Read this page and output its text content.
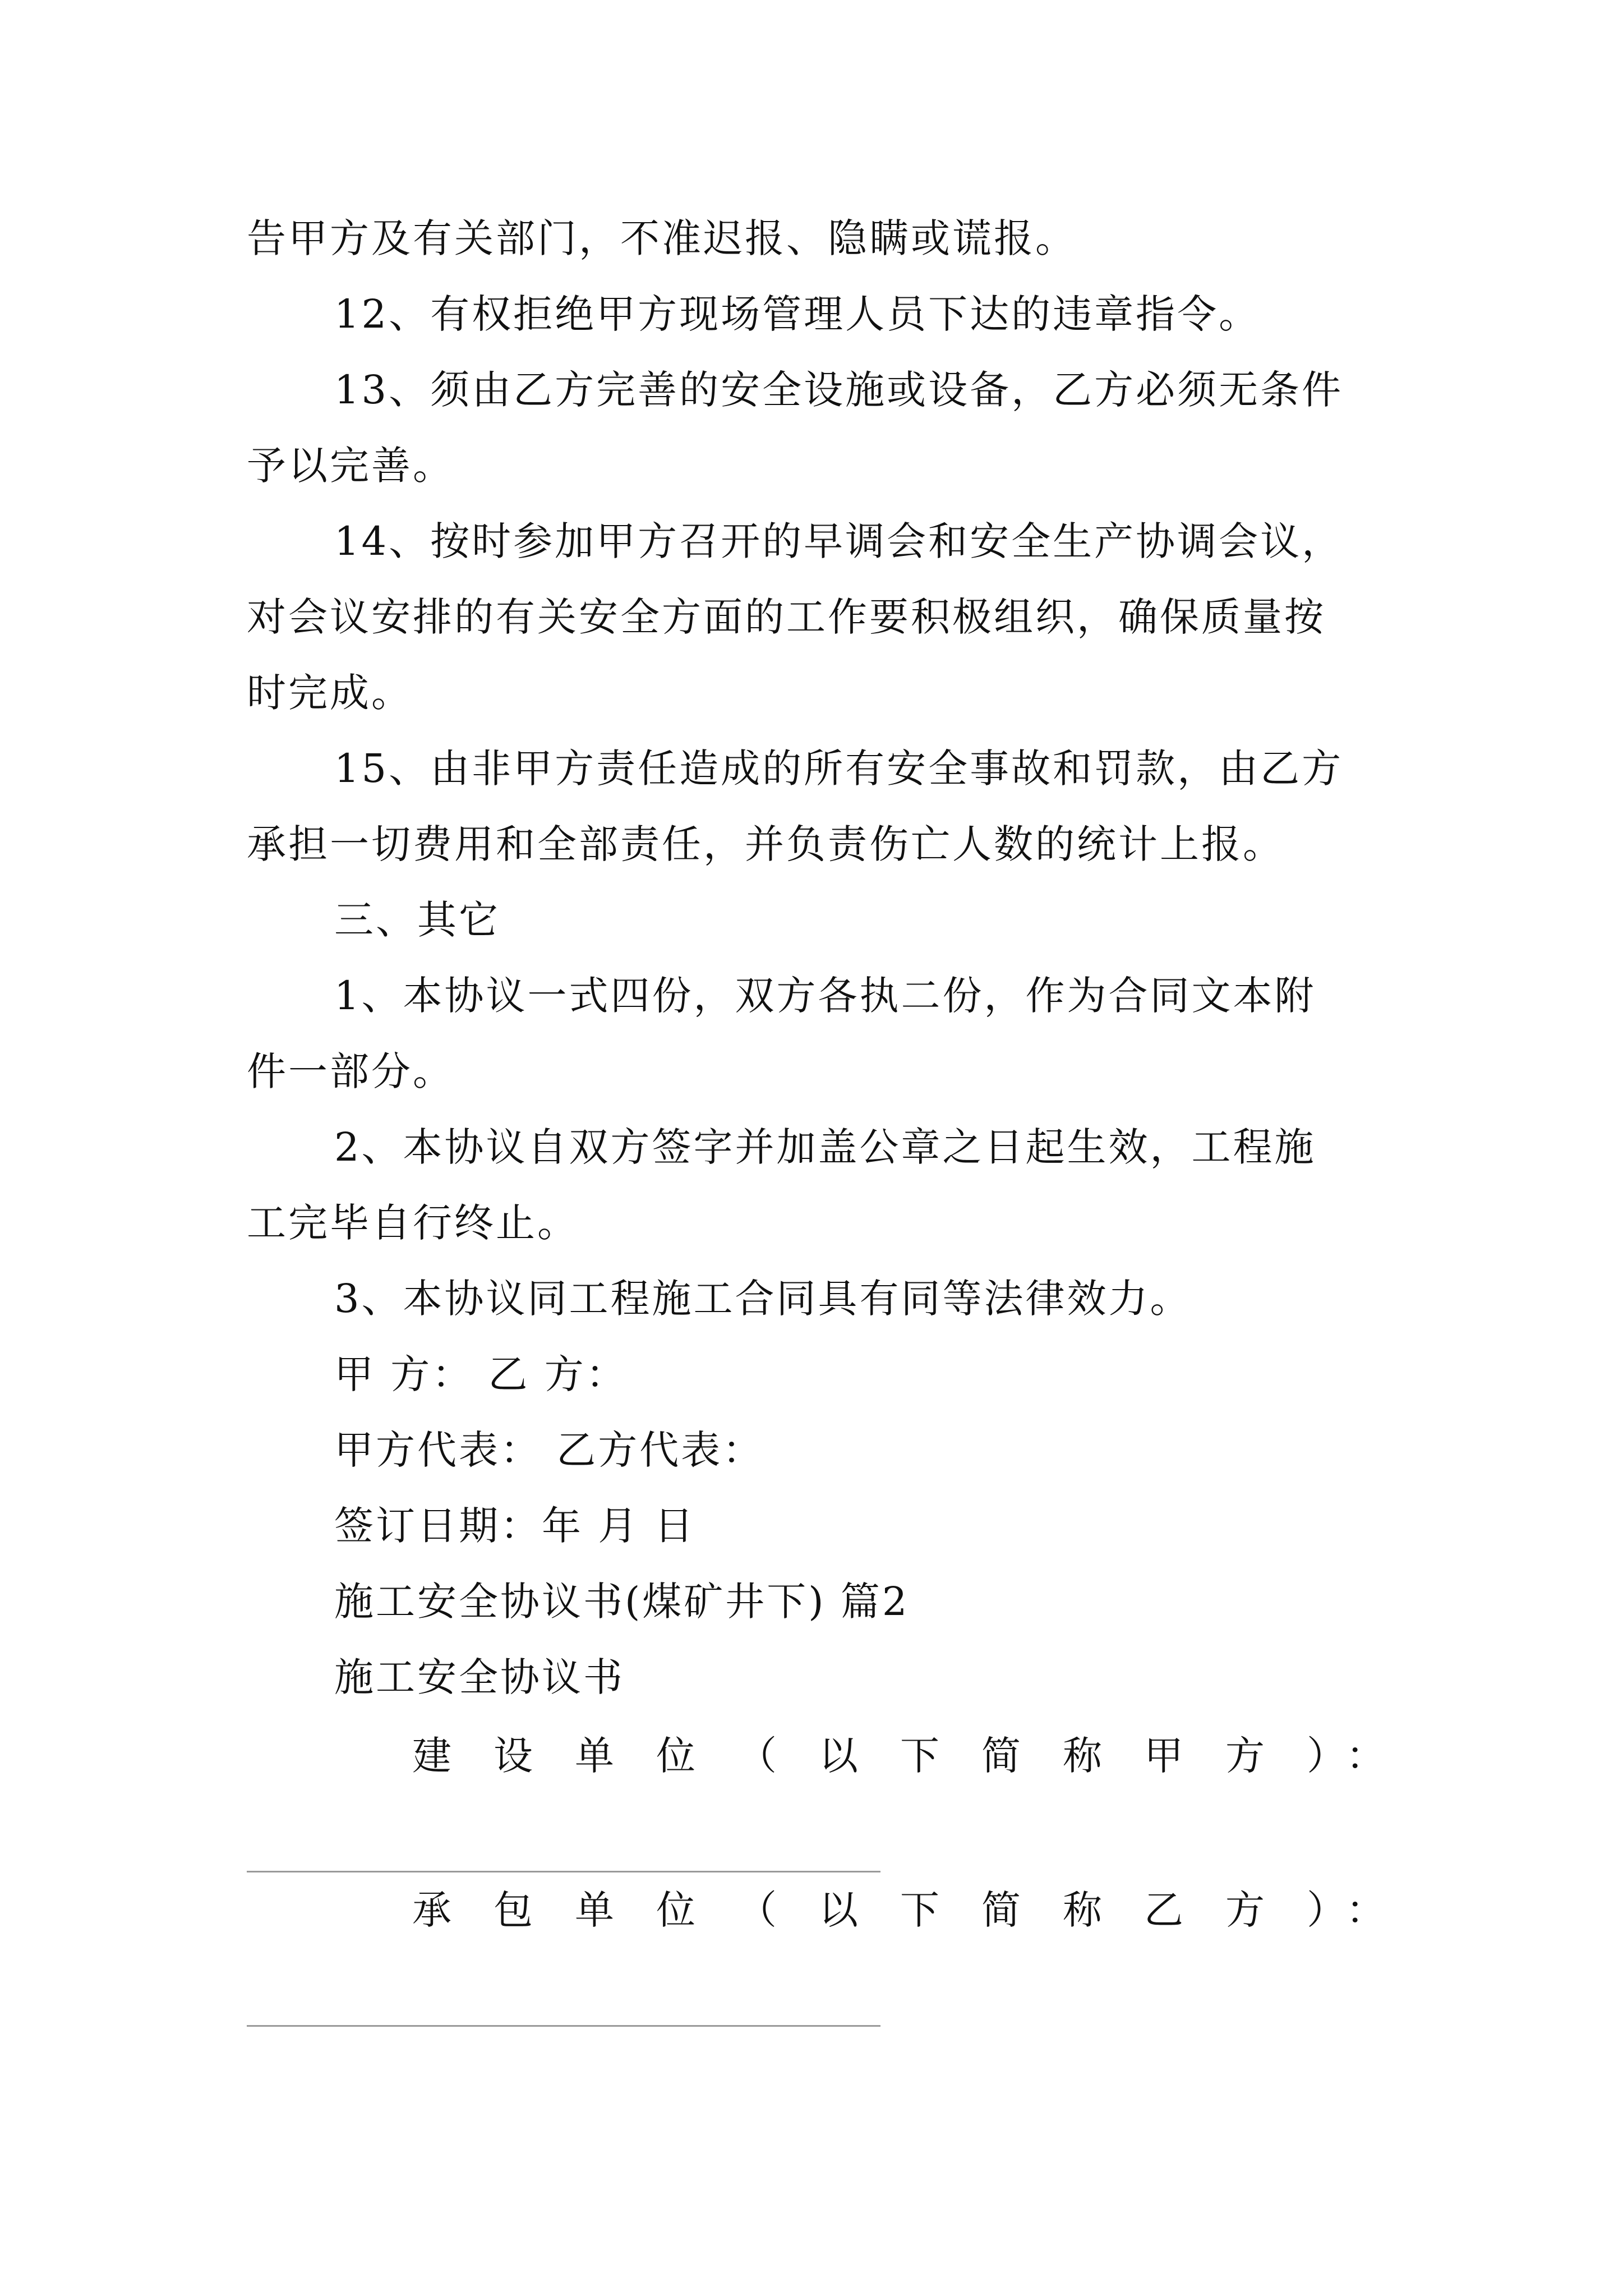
告甲方及有关部门，不准迟报、隐瞒或谎报。
12、有权拒绝甲方现场管理人员下达的违章指令。
13、须由乙方完善的安全设施或设备，乙方必须无条件
予以完善。
14、按时参加甲方召开的早调会和安全生产协调会议，
对会议安排的有关安全方面的工作要积极组织，确保质量按
时完成。
15、由非甲方责任造成的所有安全事故和罚款，由乙方
承担一切费用和全部责任，并负责伤亡人数的统计上报。
三、其它
1、本协议一式四份，双方各执二份，作为合同文本附
件一部分。
2、本协议自双方签字并加盖公章之日起生效，工程施
工完毕自行终止。
3、本协议同工程施工合同具有同等法律效力。
甲 方： 乙 方：
甲方代表： 乙方代表：
签订日期：年 月 日
施工安全协议书(煤矿井下) 篇2
施工安全协议书
建 设 单 位 （ 以 下 简 称 甲 方 ） ：
承 包 单 位 （ 以 下 简 称 乙 方 ） ：
